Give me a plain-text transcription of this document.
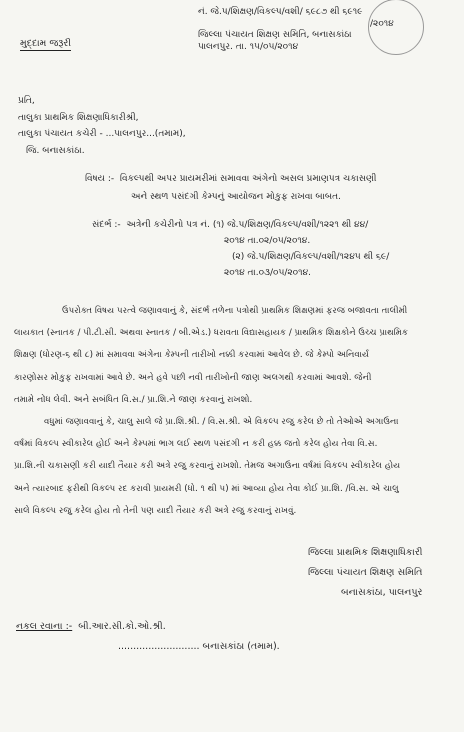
મુદ્દામ જરૂરી
નં. જે.પ/શિક્ષણ/વિકલ્પ/વશી/ ૬૯૮૭ થી ૬૯૧૯
/૨૦૧૪
જિલ્લા પંચાયત શિક્ષણ સમિતિ, બનાસકાંઠા
પાલનપુર. તા. ૧૫/૦૫/૨૦૧૪
પ્રતિ,
તાલુકા પ્રાથમિક શિક્ષણાધિકારીશ્રી,
તાલુકા પંચાયત કચેરી - ...પાલનપુર...(તમામ),
જિ. બનાસકાંઠા.
વિષય :- વિકલ્પથી અપર પ્રાયમરીમાં સમાવવા અંગેનો અસલ પ્રમાણપત્ર ચકાસણી
અને સ્થળ પસંદગી કેમ્પનું આયોજન મોકુફ રાખવા બાબત.
સંદર્ભ :- અત્રેની કચેરીનો પત્ર નં. (૧) જે.પ/શિક્ષણ/વિકલ્પ/વશી/૧૨૨૧ થી ૪૪/
૨૦૧૪ તા.૦૨/૦૫/૨૦૧૪.
(૨) જે.પ/શિક્ષણ/વિકલ્પ/વશી/૧૨૪૫ થી ૬૯/
૨૦૧૪ તા.૦૩/૦૫/૨૦૧૪.

ઉપરોક્ત વિષય પરત્વે જણાવવાનું કે, સંદર્ભ તળેના પત્રોથી પ્રાથમિક શિક્ષણમાં ફરજ બજાવતા તાલીમી

લાયકાત (સ્નાતક / પી.ટી.સી. અથવા સ્નાતક / બી.એડ.) ધરાવતા વિદ્યાસહાયક / પ્રાથમિક શિક્ષકોને ઉચ્ચ પ્રાથમિક

શિક્ષણ (ધોરણ-૬ થી ૮) માં સમાવવા અંગેના કેમ્પની તારીખો નક્કી કરવામાં આવેલ છે. જે કેમ્પો અનિવાર્ય

કારણોસર મોકુફ રાખવામાં આવે છે. અને હવે પછી નવી તારીખોની જાણ અલગથી કરવામાં આવશે. જેની

તમામે નોંધ લેવી. અને સબંધિત વિ.સ./ પ્રા.શિ.ને જાણ કરવાનું રાખશો.

વધુમાં જણાવવાનું કે, ચાલુ સાલે જે પ્રા.શિ.શ્રી. / વિ.સ.શ્રી. એ વિકલ્પ રજુ કરેલ છે તો તેઓએ અગાઉના

વર્ષમાં વિકલ્પ સ્વીકારેલ હોઈ અને કેમ્પમાં ભાગ લઈ સ્થળ પસંદગી ન કરી હક્ક જતો કરેલ હોય તેવા વિ.સ.

પ્રા.શિ.ની ચકાસણી કરી યાદી તૈયાર કરી અત્રે રજુ કરવાનું રાખશો. તેમજ અગાઉના વર્ષમાં વિકલ્પ સ્વીકારેલ હોય

અને ત્યારબાદ ફરીથી વિકલ્પ રદ કરાવી પ્રાયમરી (ધો. ૧ થી ૫) માં આવ્યા હોય તેવા કોઈ પ્રા.શિ. /વિ.સ. એ ચાલુ

સાલે વિકલ્પ રજુ કરેલ હોય તો તેની પણ યાદી તૈયાર કરી અત્રે રજુ કરવાનું રાખવું.

જિલ્લા પ્રાથમિક શિક્ષણાધિકારી
જિલ્લા પંચાયત શિક્ષણ સમિતિ
બનાસકાંઠા, પાલનપુર
નકલ રવાના :- બી.આર.સી.કો.ઓ.શ્રી.
........................... બનાસકાંઠા (તમામ).
